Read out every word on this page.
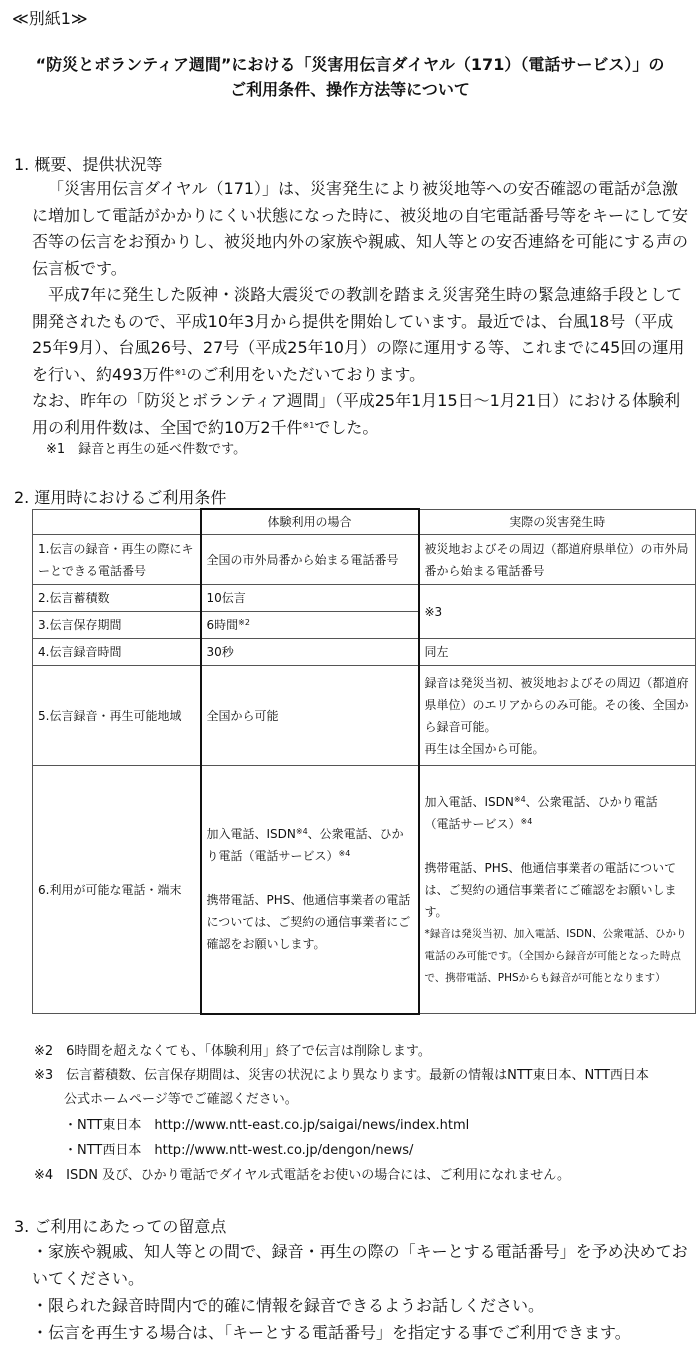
≪別紙1≫
“防災とボランティア週間”における「災害用伝言ダイヤル（171）（電話サービス）」の
ご利用条件、操作方法等について
1. 概要、提供状況等

「災害用伝言ダイヤル（171）」は、災害発生により被災地等への安否確認の電話が急激に増加して電話がかかりにくい状態になった時に、被災地の自宅電話番号等をキーにして安否等の伝言をお預かりし、被災地内外の家族や親戚、知人等との安否連絡を可能にする声の伝言板です。

平成7年に発生した阪神・淡路大震災での教訓を踏まえ災害発生時の緊急連絡手段として開発されたもので、平成10年3月から提供を開始しています。最近では、台風18号（平成25年9月）、台風26号、27号（平成25年10月）の際に運用する等、これまでに45回の運用を行い、約493万件$^{※1}$のご利用をいただいております。

なお、昨年の「防災とボランティア週間」（平成25年1月15日～1月21日）における体験利用の利用件数は、全国で約10万2千件$^{※1}$でした。

※1　録音と再生の延べ件数です。
2. 運用時におけるご利用条件
	体験利用の場合	実際の災害発生時
1.伝言の録音・再生の際にキーとできる電話番号	全国の市外局番から始まる電話番号	被災地およびその周辺（都道府県単位）の市外局番から始まる電話番号
2.伝言蓄積数	10伝言	※3
3.伝言保存期間	6時間$^{※2}$
4.伝言録音時間	30秒	同左
5.伝言録音・再生可能地域	全国から可能	録音は発災当初、被災地およびその周辺（都道府県単位）のエリアからのみ可能。その後、全国から録音可能。
再生は全国から可能。

6.利用が可能な電話・端末	加入電話、ISDN$^{※4}$、公衆電話、ひかり電話（電話サービス）$^{※4}$
携帯電話、PHS、他通信事業者の電話については、ご契約の通信事業者にご確認をお願いします。	加入電話、ISDN$^{※4}$、公衆電話、ひかり電話
（電話サービス）$^{※4}$
携帯電話、PHS、他通信事業者の電話については、ご契約の通信事業者にご確認をお願いします。
*録音は発災当初、加入電話、ISDN、公衆電話、ひかり電話のみ可能です。（全国から録音が可能となった時点で、携帯電話、PHSからも録音が可能となります）
※2　6時間を超えなくても、「体験利用」終了で伝言は削除します。
※3　伝言蓄積数、伝言保存期間は、災害の状況により異なります。最新の情報はNTT東日本、NTT西日本
公式ホームページ等でご確認ください。
・NTT東日本　http://www.ntt-east.co.jp/saigai/news/index.html
・NTT西日本　http://www.ntt-west.co.jp/dengon/news/
※4　ISDN 及び、ひかり電話でダイヤル式電話をお使いの場合には、ご利用になれません。
3. ご利用にあたっての留意点

・家族や親戚、知人等との間で、録音・再生の際の「キーとする電話番号」を予め決めておいてください。

・限られた録音時間内で的確に情報を録音できるようお話しください。

・伝言を再生する場合は、「キーとする電話番号」を指定する事でご利用できます。
